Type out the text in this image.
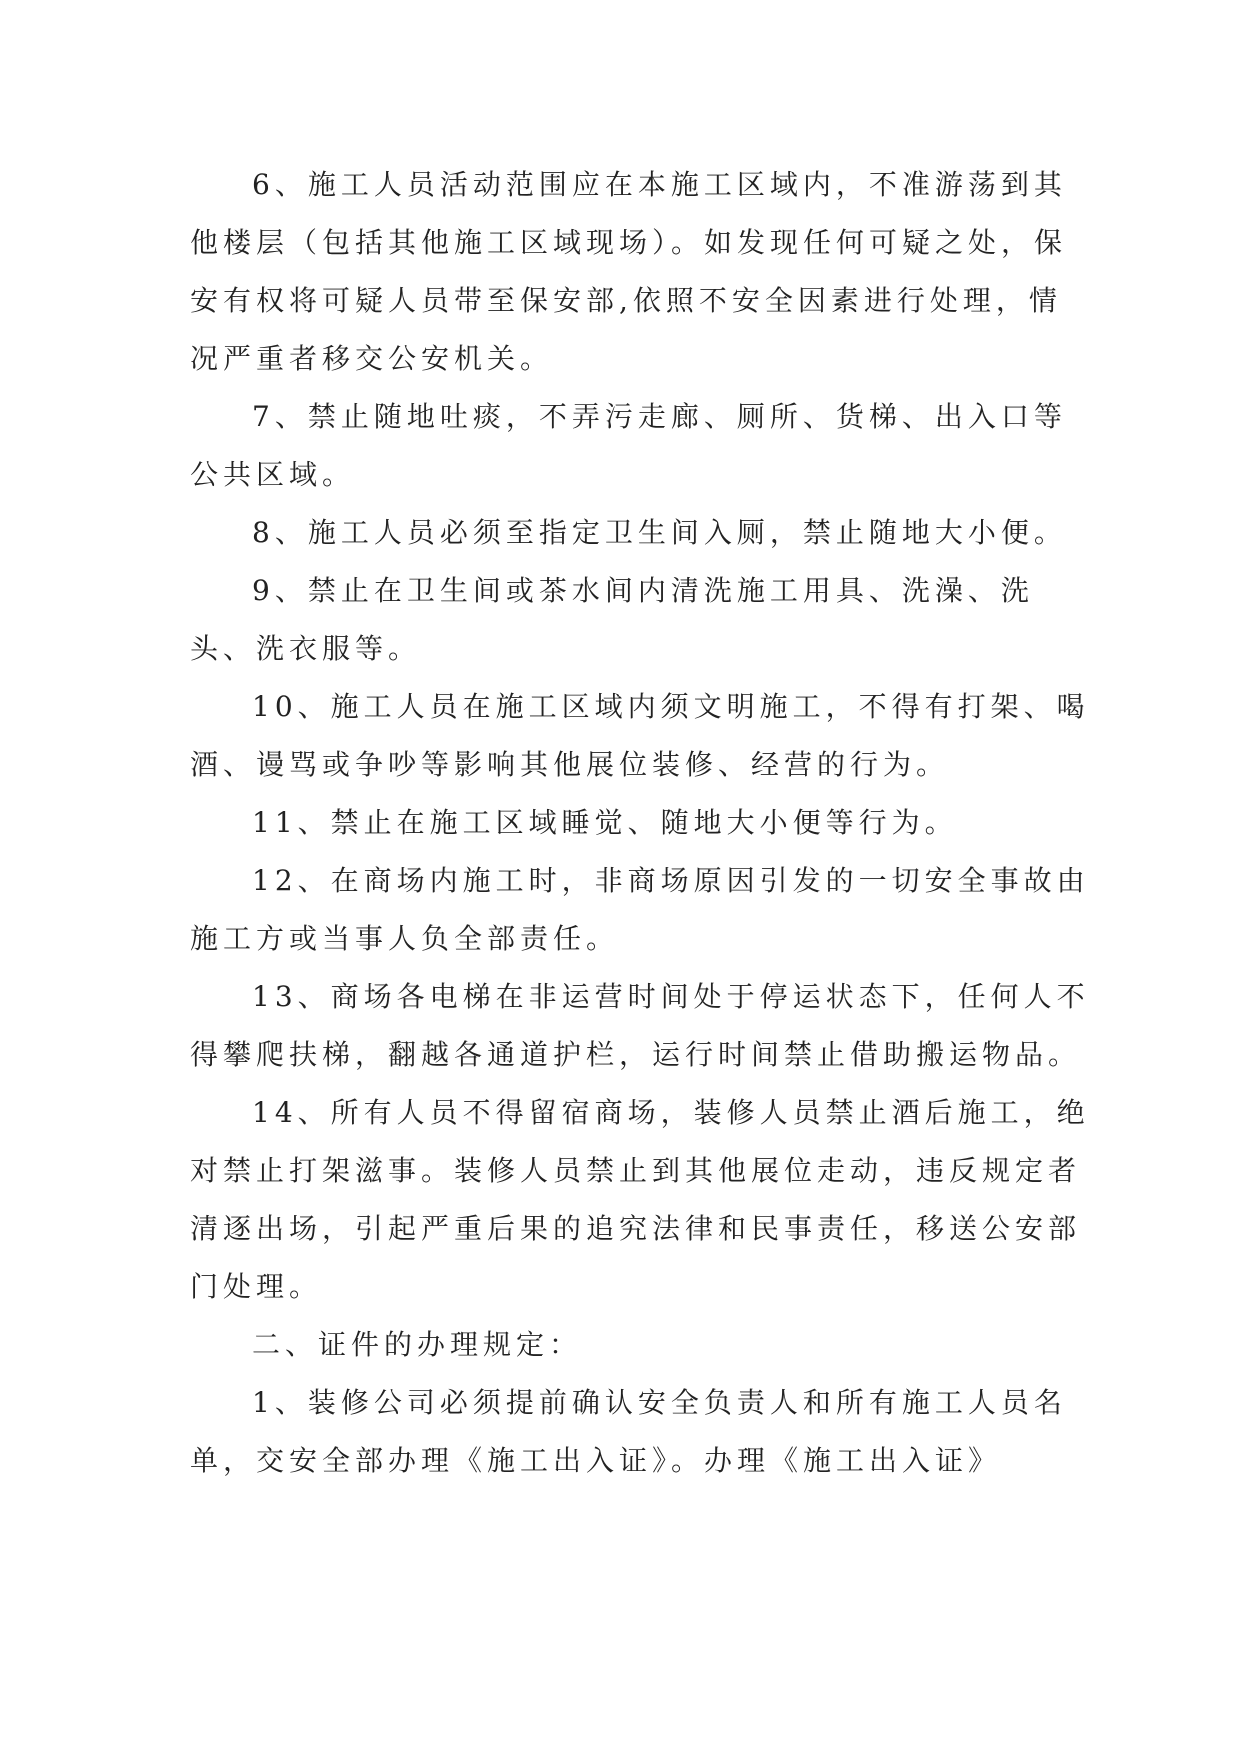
6、施工人员活动范围应在本施工区域内，不准游荡到其他楼层（包括其他施工区域现场）。如发现任何可疑之处，保安有权将可疑人员带至保安部,依照不安全因素进行处理，情况严重者移交公安机关。

7、禁止随地吐痰，不弄污走廊、厕所、货梯、出入口等公共区域。

8、施工人员必须至指定卫生间入厕，禁止随地大小便。

9、禁止在卫生间或茶水间内清洗施工用具、洗澡、洗头、洗衣服等。

10、施工人员在施工区域内须文明施工，不得有打架、喝酒、谩骂或争吵等影响其他展位装修、经营的行为。

11、禁止在施工区域睡觉、随地大小便等行为。

12、在商场内施工时，非商场原因引发的一切安全事故由施工方或当事人负全部责任。

13、商场各电梯在非运营时间处于停运状态下，任何人不得攀爬扶梯，翻越各通道护栏，运行时间禁止借助搬运物品。

14、所有人员不得留宿商场，装修人员禁止酒后施工，绝对禁止打架滋事。装修人员禁止到其他展位走动，违反规定者清逐出场，引起严重后果的追究法律和民事责任，移送公安部门处理。

二、证件的办理规定：

1、装修公司必须提前确认安全负责人和所有施工人员名单，交安全部办理《施工出入证》。办理《施工出入证》
